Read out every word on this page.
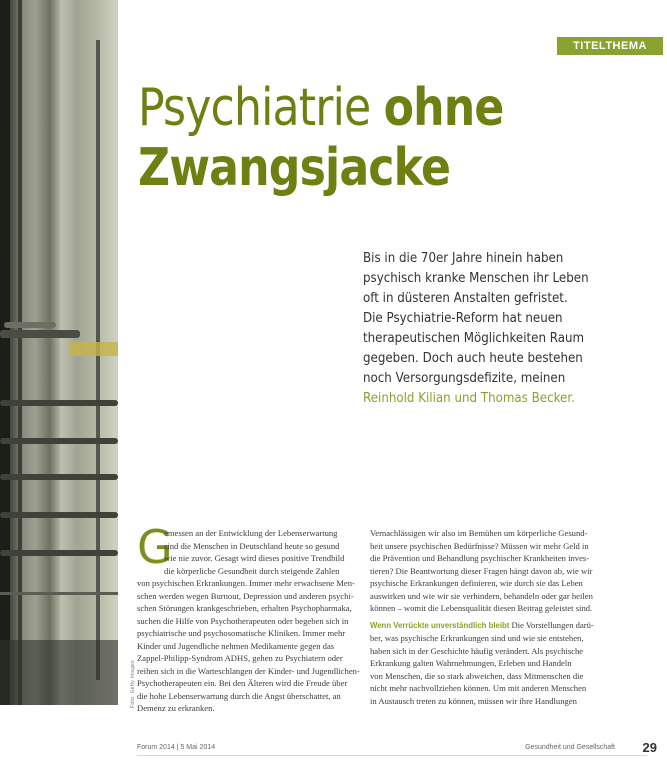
Foto: Getty Images
TITELTHEMA
Psychiatrie ohne
Zwangsjacke
Bis in die 70er Jahre hinein haben
psychisch kranke Menschen ihr Leben
oft in düsteren Anstalten gefristet.
Die Psychiatrie-Reform hat neuen
therapeutischen Möglichkeiten Raum
gegeben. Doch auch heute bestehen
noch Versorgungsdefizite, meinen
Reinhold Kilian und Thomas Becker.
G
emessen an der Entwicklung der Lebenserwartung
sind die Menschen in Deutschland heute so gesund
wie nie zuvor. Gesagt wird dieses positive Trendbild
die körperliche Gesundheit durch steigende Zahlen
von psychischen Erkrankungen. Immer mehr erwachsene Men-
schen werden wegen Burnout, Depression und anderen psychi-
schen Störungen krankgeschrieben, erhalten Psychopharmaka,
suchen die Hilfe von Psychotherapeuten oder begeben sich in
psychiatrische und psychosomatische Kliniken. Immer mehr
Kinder und Jugendliche nehmen Medikamente gegen das
Zappel-Philipp-Syndrom ADHS, gehen zu Psychiatern oder
reihen sich in die Warteschlangen der Kinder- und Jugendlichen-
Psychotherapeuten ein. Bei den Älteren wird die Freude über
die hohe Lebenserwartung durch die Angst überschattet, an
Demenz zu erkranken.
Vernachlässigen wir also im Bemühen um körperliche Gesund-
heit unsere psychischen Bedürfnisse? Müssen wir mehr Geld in
die Prävention und Behandlung psychischer Krankheiten inves-
tieren? Die Beantwortung dieser Fragen hängt davon ab, wie wir
psychische Erkrankungen definieren, wie durch sie das Leben
auswirken und wie wir sie verhindern, behandeln oder gar heilen
können – womit die Lebensqualität diesen Beitrag geleistet sind.
Wenn Verrückte unverständlich bleibt Die Vorstellungen darü-
ber, was psychische Erkrankungen sind und wie sie entstehen,
haben sich in der Geschichte häufig verändert. Als psychische
Erkrankung galten Wahrnehmungen, Erleben und Handeln
von Menschen, die so stark abweichen, dass Mitmenschen die
nicht mehr nachvollziehen können. Um mit anderen Menschen
in Austausch treten zu können, müssen wir ihre Handlungen
Forum 2014 | 5 Mai 2014	Gesundheit und Gesellschaft 29
